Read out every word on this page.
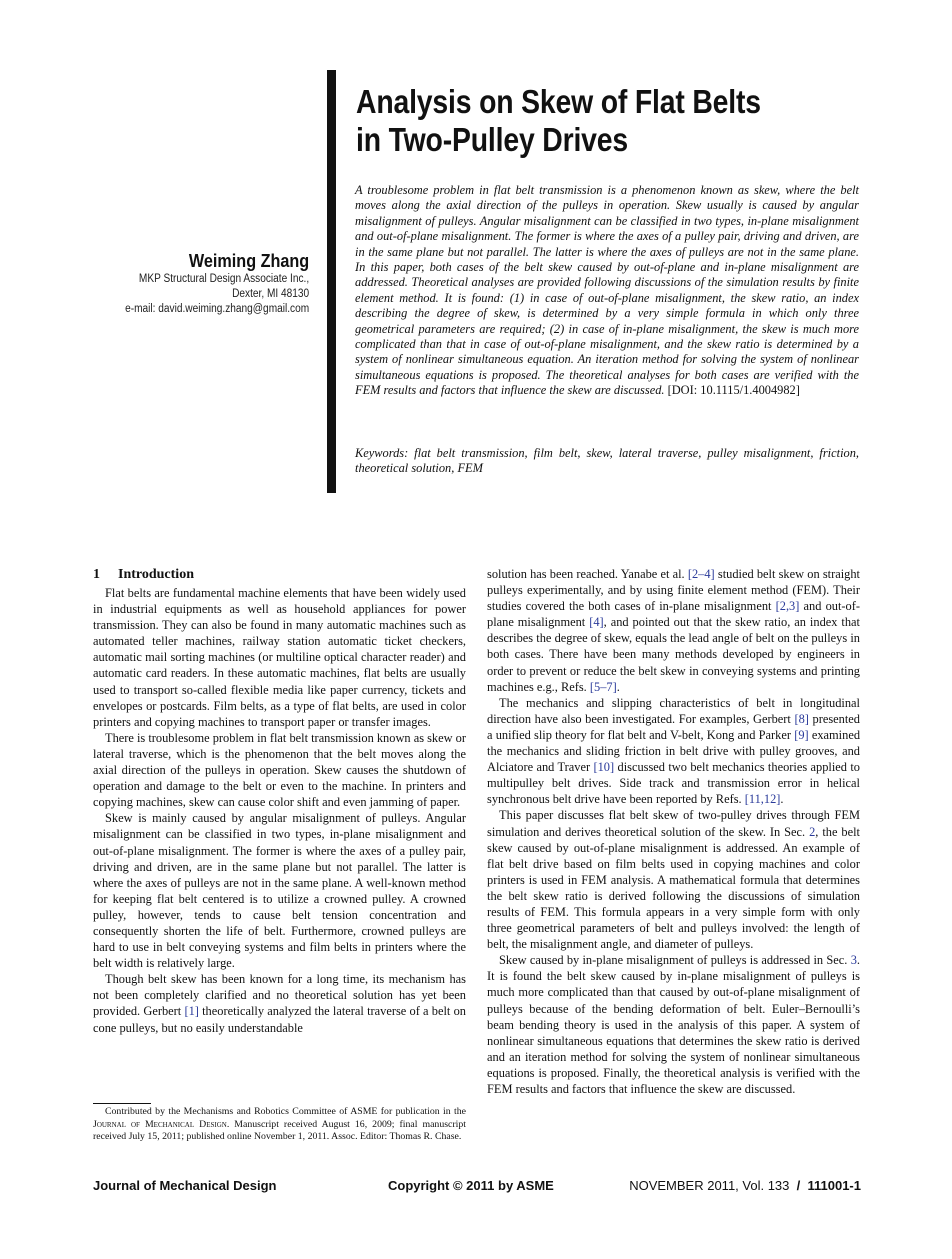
Analysis on Skew of Flat Belts
in Two-Pulley Drives
Weiming Zhang
MKP Structural Design Associate Inc.,
Dexter, MI 48130
e-mail: david.weiming.zhang@gmail.com
A troublesome problem in flat belt transmission is a phenomenon known as skew, where the belt moves along the axial direction of the pulleys in operation. Skew usually is caused by angular misalignment of pulleys. Angular misalignment can be classified in two types, in-plane misalignment and out-of-plane misalignment. The former is where the axes of a pulley pair, driving and driven, are in the same plane but not parallel. The latter is where the axes of pulleys are not in the same plane. In this paper, both cases of the belt skew caused by out-of-plane and in-plane misalignment are addressed. Theoretical analyses are provided following discussions of the simulation results by finite element method. It is found: (1) in case of out-of-plane misalignment, the skew ratio, an index describing the degree of skew, is determined by a very simple formula in which only three geometrical parameters are required; (2) in case of in-plane misalignment, the skew is much more complicated than that in case of out-of-plane misalignment, and the skew ratio is determined by a system of nonlinear simultaneous equation. An iteration method for solving the system of nonlinear simultaneous equations is proposed. The theoretical analyses for both cases are verified with the FEM results and factors that influence the skew are discussed. [DOI: 10.1115/1.4004982]
Keywords: flat belt transmission, film belt, skew, lateral traverse, pulley misalignment, friction, theoretical solution, FEM
1 Introduction

Flat belts are fundamental machine elements that have been widely used in industrial equipments as well as household appliances for power transmission. They can also be found in many automatic machines such as automated teller machines, railway station automatic ticket checkers, automatic mail sorting machines (or multiline optical character reader) and automatic card readers. In these automatic machines, flat belts are usually used to transport so-called flexible media like paper currency, tickets and envelopes or postcards. Film belts, as a type of flat belts, are used in color printers and copying machines to transport paper or transfer images.

There is troublesome problem in flat belt transmission known as skew or lateral traverse, which is the phenomenon that the belt moves along the axial direction of the pulleys in operation. Skew causes the shutdown of operation and damage to the belt or even to the machine. In printers and copying machines, skew can cause color shift and even jamming of paper.

Skew is mainly caused by angular misalignment of pulleys. Angular misalignment can be classified in two types, in-plane misalignment and out-of-plane misalignment. The former is where the axes of a pulley pair, driving and driven, are in the same plane but not parallel. The latter is where the axes of pulleys are not in the same plane. A well-known method for keeping flat belt centered is to utilize a crowned pulley. A crowned pulley, however, tends to cause belt tension concentration and consequently shorten the life of belt. Furthermore, crowned pulleys are hard to use in belt conveying systems and film belts in printers where the belt width is relatively large.

Though belt skew has been known for a long time, its mechanism has not been completely clarified and no theoretical solution has yet been provided. Gerbert [1] theoretically analyzed the lateral traverse of a belt on cone pulleys, but no easily understandable

Contributed by the Mechanisms and Robotics Committee of ASME for publication in the Journal of Mechanical Design. Manuscript received August 16, 2009; final manuscript received July 15, 2011; published online November 1, 2011. Assoc. Editor: Thomas R. Chase.

solution has been reached. Yanabe et al. [2–4] studied belt skew on straight pulleys experimentally, and by using finite element method (FEM). Their studies covered the both cases of in-plane misalignment [2,3] and out-of-plane misalignment [4], and pointed out that the skew ratio, an index that describes the degree of skew, equals the lead angle of belt on the pulleys in both cases. There have been many methods developed by engineers in order to prevent or reduce the belt skew in conveying systems and printing machines e.g., Refs. [5–7].

The mechanics and slipping characteristics of belt in longitudinal direction have also been investigated. For examples, Gerbert [8] presented a unified slip theory for flat belt and V-belt, Kong and Parker [9] examined the mechanics and sliding friction in belt drive with pulley grooves, and Alciatore and Traver [10] discussed two belt mechanics theories applied to multipulley belt drives. Side track and transmission error in helical synchronous belt drive have been reported by Refs. [11,12].

This paper discusses flat belt skew of two-pulley drives through FEM simulation and derives theoretical solution of the skew. In Sec. 2, the belt skew caused by out-of-plane misalignment is addressed. An example of flat belt drive based on film belts used in copying machines and color printers is used in FEM analysis. A mathematical formula that determines the belt skew ratio is derived following the discussions of simulation results of FEM. This formula appears in a very simple form with only three geometrical parameters of belt and pulleys involved: the length of belt, the misalignment angle, and diameter of pulleys.

Skew caused by in-plane misalignment of pulleys is addressed in Sec. 3. It is found the belt skew caused by in-plane misalignment of pulleys is much more complicated than that caused by out-of-plane misalignment of pulleys because of the bending deformation of belt. Euler–Bernoulli’s beam bending theory is used in the analysis of this paper. A system of nonlinear simultaneous equations that determines the skew ratio is derived and an iteration method for solving the system of nonlinear simultaneous equations is proposed. Finally, the theoretical analysis is verified with the FEM results and factors that influence the skew are discussed.

Journal of Mechanical Design	Copyright © 2011 by ASME	NOVEMBER 2011, Vol. 133 / 111001-1
